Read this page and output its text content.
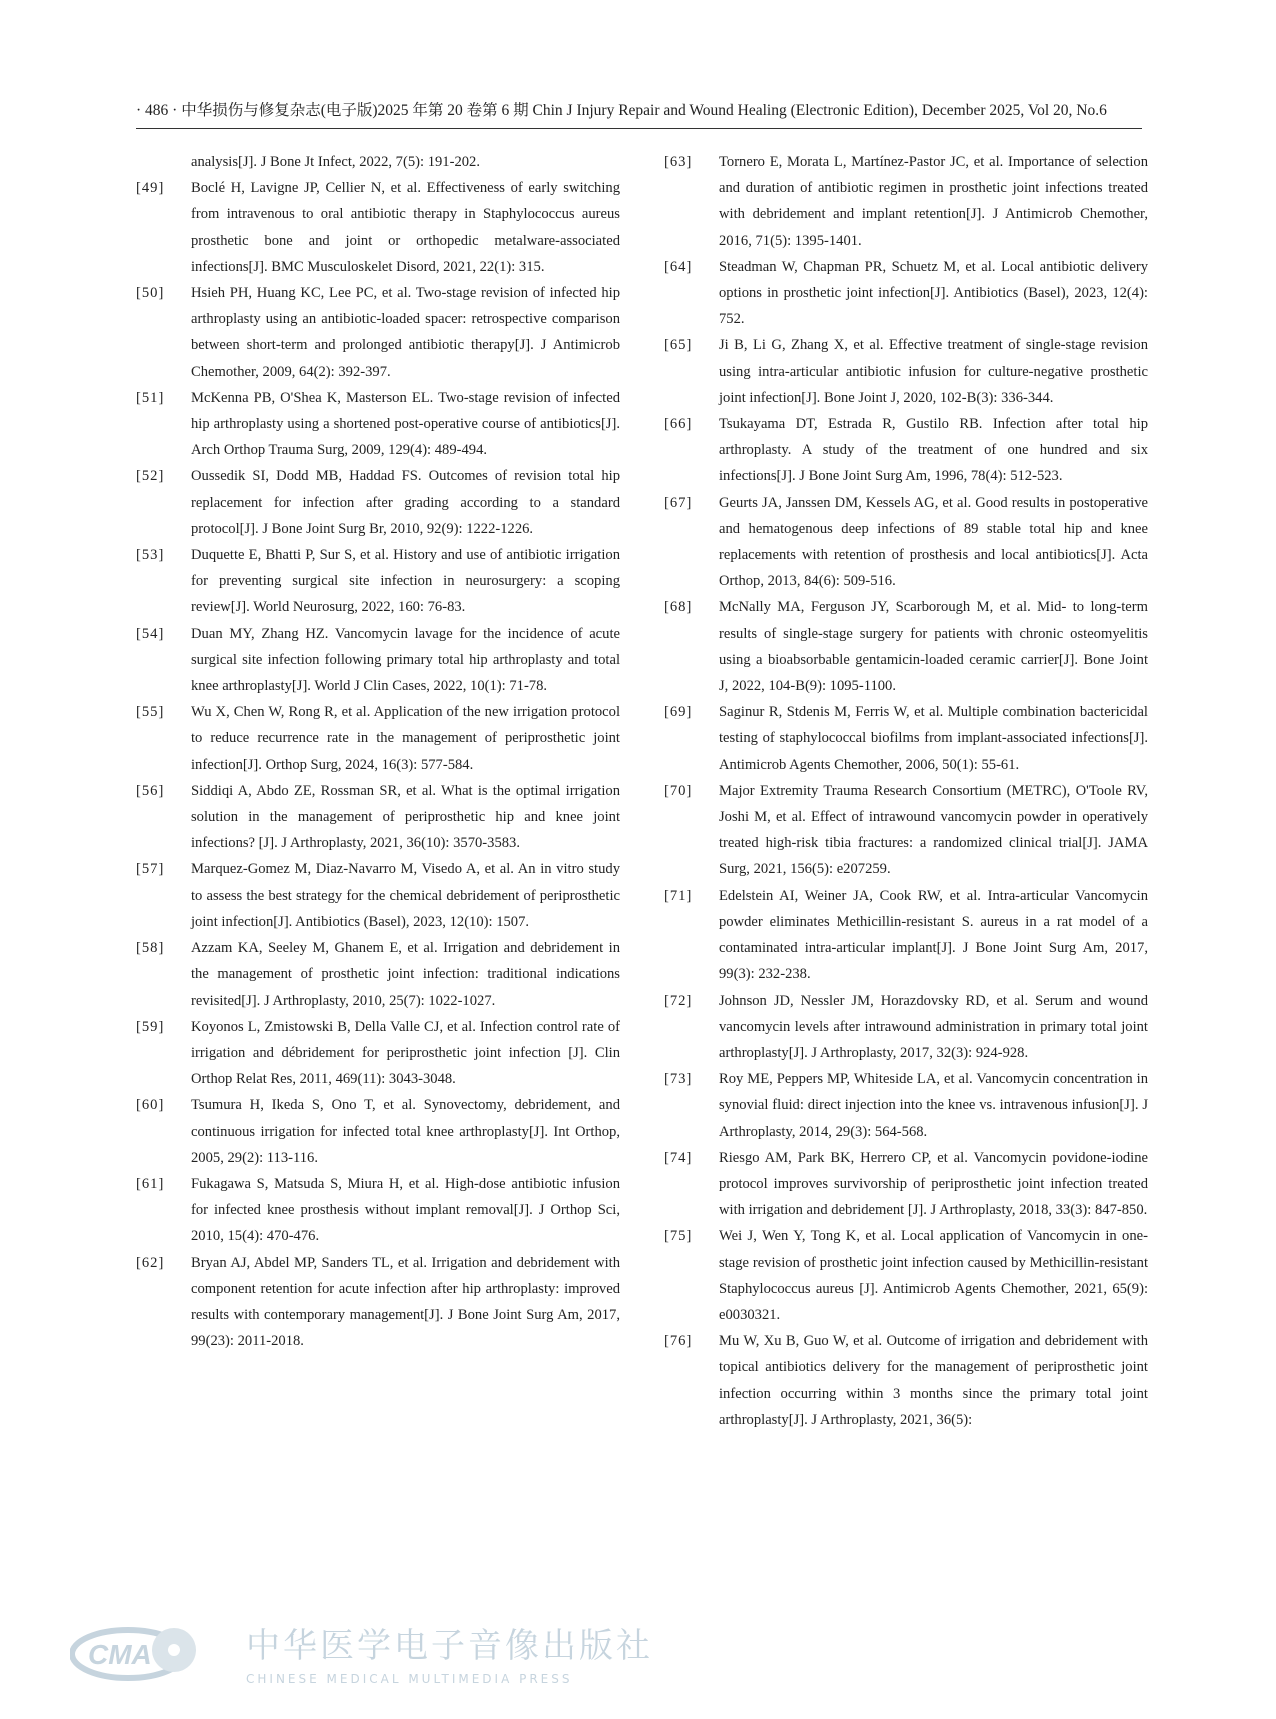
· 486 · 中华损伤与修复杂志(电子版)2025 年第 20 卷第 6 期 Chin J Injury Repair and Wound Healing (Electronic Edition), December 2025, Vol 20, No.6
analysis[J]. J Bone Jt Infect, 2022, 7(5): 191-202.
[49] Boclé H, Lavigne JP, Cellier N, et al. Effectiveness of early switching from intravenous to oral antibiotic therapy in Staphylococcus aureus prosthetic bone and joint or orthopedic metalware-associated infections[J]. BMC Musculoskelet Disord, 2021, 22(1): 315.
[50] Hsieh PH, Huang KC, Lee PC, et al. Two-stage revision of infected hip arthroplasty using an antibiotic-loaded spacer: retrospective comparison between short-term and prolonged antibiotic therapy[J]. J Antimicrob Chemother, 2009, 64(2): 392-397.
[51] McKenna PB, O'Shea K, Masterson EL. Two-stage revision of infected hip arthroplasty using a shortened post-operative course of antibiotics[J]. Arch Orthop Trauma Surg, 2009, 129(4): 489-494.
[52] Oussedik SI, Dodd MB, Haddad FS. Outcomes of revision total hip replacement for infection after grading according to a standard protocol[J]. J Bone Joint Surg Br, 2010, 92(9): 1222-1226.
[53] Duquette E, Bhatti P, Sur S, et al. History and use of antibiotic irrigation for preventing surgical site infection in neurosurgery: a scoping review[J]. World Neurosurg, 2022, 160: 76-83.
[54] Duan MY, Zhang HZ. Vancomycin lavage for the incidence of acute surgical site infection following primary total hip arthroplasty and total knee arthroplasty[J]. World J Clin Cases, 2022, 10(1): 71-78.
[55] Wu X, Chen W, Rong R, et al. Application of the new irrigation protocol to reduce recurrence rate in the management of periprosthetic joint infection[J]. Orthop Surg, 2024, 16(3): 577-584.
[56] Siddiqi A, Abdo ZE, Rossman SR, et al. What is the optimal irrigation solution in the management of periprosthetic hip and knee joint infections? [J]. J Arthroplasty, 2021, 36(10): 3570-3583.
[57] Marquez-Gomez M, Diaz-Navarro M, Visedo A, et al. An in vitro study to assess the best strategy for the chemical debridement of periprosthetic joint infection[J]. Antibiotics (Basel), 2023, 12(10): 1507.
[58] Azzam KA, Seeley M, Ghanem E, et al. Irrigation and debridement in the management of prosthetic joint infection: traditional indications revisited[J]. J Arthroplasty, 2010, 25(7): 1022-1027.
[59] Koyonos L, Zmistowski B, Della Valle CJ, et al. Infection control rate of irrigation and débridement for periprosthetic joint infection [J]. Clin Orthop Relat Res, 2011, 469(11): 3043-3048.
[60] Tsumura H, Ikeda S, Ono T, et al. Synovectomy, debridement, and continuous irrigation for infected total knee arthroplasty[J]. Int Orthop, 2005, 29(2): 113-116.
[61] Fukagawa S, Matsuda S, Miura H, et al. High-dose antibiotic infusion for infected knee prosthesis without implant removal[J]. J Orthop Sci, 2010, 15(4): 470-476.
[62] Bryan AJ, Abdel MP, Sanders TL, et al. Irrigation and debridement with component retention for acute infection after hip arthroplasty: improved results with contemporary management[J]. J Bone Joint Surg Am, 2017, 99(23): 2011-2018.
[63] Tornero E, Morata L, Martínez-Pastor JC, et al. Importance of selection and duration of antibiotic regimen in prosthetic joint infections treated with debridement and implant retention[J]. J Antimicrob Chemother, 2016, 71(5): 1395-1401.
[64] Steadman W, Chapman PR, Schuetz M, et al. Local antibiotic delivery options in prosthetic joint infection[J]. Antibiotics (Basel), 2023, 12(4): 752.
[65] Ji B, Li G, Zhang X, et al. Effective treatment of single-stage revision using intra-articular antibiotic infusion for culture-negative prosthetic joint infection[J]. Bone Joint J, 2020, 102-B(3): 336-344.
[66] Tsukayama DT, Estrada R, Gustilo RB. Infection after total hip arthroplasty. A study of the treatment of one hundred and six infections[J]. J Bone Joint Surg Am, 1996, 78(4): 512-523.
[67] Geurts JA, Janssen DM, Kessels AG, et al. Good results in postoperative and hematogenous deep infections of 89 stable total hip and knee replacements with retention of prosthesis and local antibiotics[J]. Acta Orthop, 2013, 84(6): 509-516.
[68] McNally MA, Ferguson JY, Scarborough M, et al. Mid- to long-term results of single-stage surgery for patients with chronic osteomyelitis using a bioabsorbable gentamicin-loaded ceramic carrier[J]. Bone Joint J, 2022, 104-B(9): 1095-1100.
[69] Saginur R, Stdenis M, Ferris W, et al. Multiple combination bactericidal testing of staphylococcal biofilms from implant-associated infections[J]. Antimicrob Agents Chemother, 2006, 50(1): 55-61.
[70] Major Extremity Trauma Research Consortium (METRC), O'Toole RV, Joshi M, et al. Effect of intrawound vancomycin powder in operatively treated high-risk tibia fractures: a randomized clinical trial[J]. JAMA Surg, 2021, 156(5): e207259.
[71] Edelstein AI, Weiner JA, Cook RW, et al. Intra-articular Vancomycin powder eliminates Methicillin-resistant S. aureus in a rat model of a contaminated intra-articular implant[J]. J Bone Joint Surg Am, 2017, 99(3): 232-238.
[72] Johnson JD, Nessler JM, Horazdovsky RD, et al. Serum and wound vancomycin levels after intrawound administration in primary total joint arthroplasty[J]. J Arthroplasty, 2017, 32(3): 924-928.
[73] Roy ME, Peppers MP, Whiteside LA, et al. Vancomycin concentration in synovial fluid: direct injection into the knee vs. intravenous infusion[J]. J Arthroplasty, 2014, 29(3): 564-568.
[74] Riesgo AM, Park BK, Herrero CP, et al. Vancomycin povidone-iodine protocol improves survivorship of periprosthetic joint infection treated with irrigation and debridement [J]. J Arthroplasty, 2018, 33(3): 847-850.
[75] Wei J, Wen Y, Tong K, et al. Local application of Vancomycin in one-stage revision of prosthetic joint infection caused by Methicillin-resistant Staphylococcus aureus [J]. Antimicrob Agents Chemother, 2021, 65(9): e0030321.
[76] Mu W, Xu B, Guo W, et al. Outcome of irrigation and debridement with topical antibiotics delivery for the management of periprosthetic joint infection occurring within 3 months since the primary total joint arthroplasty[J]. J Arthroplasty, 2021, 36(5):
CMA	中华医学电子音像出版社
CHINESE MEDICAL MULTIMEDIA PRESS
